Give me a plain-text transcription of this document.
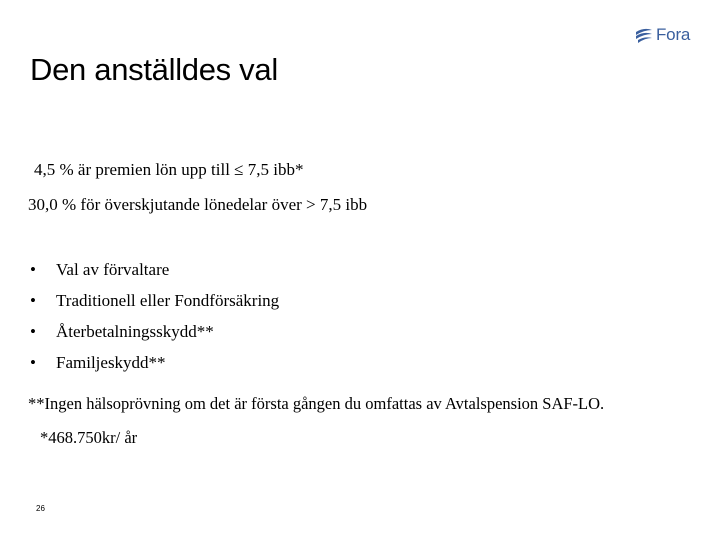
Fora
Den anställdes val
4,5 % är premien lön upp till ≤ 7,5 ibb*
30,0 % för överskjutande lönedelar över > 7,5 ibb
• Val av förvaltare
• Traditionell eller Fondförsäkring
• Återbetalningsskydd**
• Familjeskydd**
**Ingen hälsoprövning om det är första gången du omfattas av Avtalspension SAF-LO.
*468.750kr/ år
26
